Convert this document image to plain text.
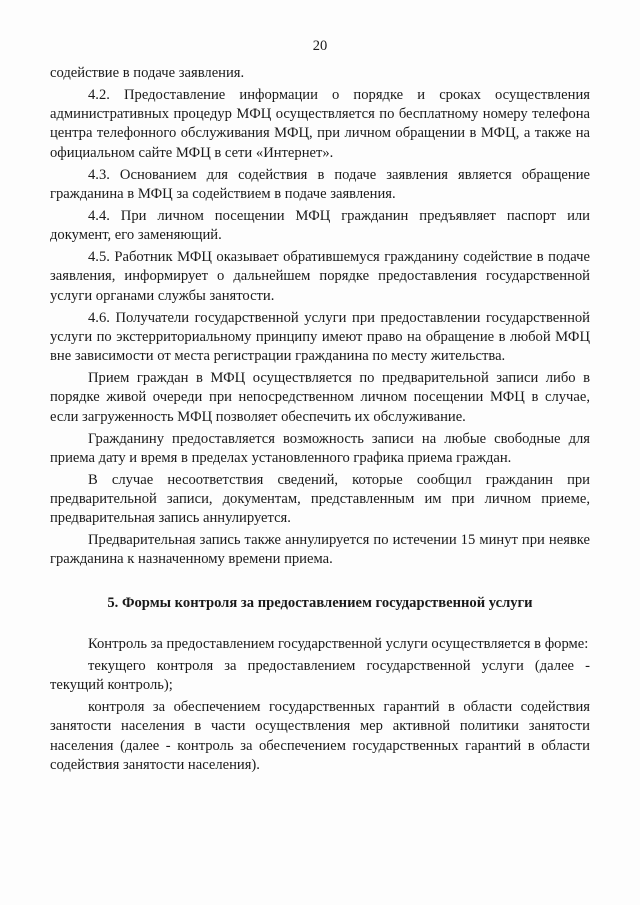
20

содействие в подаче заявления.

4.2. Предоставление информации о порядке и сроках осуществления административных процедур МФЦ осуществляется по бесплатному номеру телефона центра телефонного обслуживания МФЦ, при личном обращении в МФЦ, а также на официальном сайте МФЦ в сети «Интернет».

4.3. Основанием для содействия в подаче заявления является обращение гражданина в МФЦ за содействием в подаче заявления.

4.4. При личном посещении МФЦ гражданин предъявляет паспорт или документ, его заменяющий.

4.5. Работник МФЦ оказывает обратившемуся гражданину содействие в подаче заявления, информирует о дальнейшем порядке предоставления государственной услуги органами службы занятости.

4.6. Получатели государственной услуги при предоставлении государственной услуги по экстерриториальному принципу имеют право на обращение в любой МФЦ вне зависимости от места регистрации гражданина по месту жительства.

Прием граждан в МФЦ осуществляется по предварительной записи либо в порядке живой очереди при непосредственном личном посещении МФЦ в случае, если загруженность МФЦ позволяет обеспечить их обслуживание.

Гражданину предоставляется возможность записи на любые свободные для приема дату и время в пределах установленного графика приема граждан.

В случае несоответствия сведений, которые сообщил гражданин при предварительной записи, документам, представленным им при личном приеме, предварительная запись аннулируется.

Предварительная запись также аннулируется по истечении 15 минут при неявке гражданина к назначенному времени приема.

5. Формы контроля за предоставлением государственной услуги

Контроль за предоставлением государственной услуги осуществляется в форме:

текущего контроля за предоставлением государственной услуги (далее - текущий контроль);

контроля за обеспечением государственных гарантий в области содействия занятости населения в части осуществления мер активной политики занятости населения (далее - контроль за обеспечением государственных гарантий в области содействия занятости населения).
